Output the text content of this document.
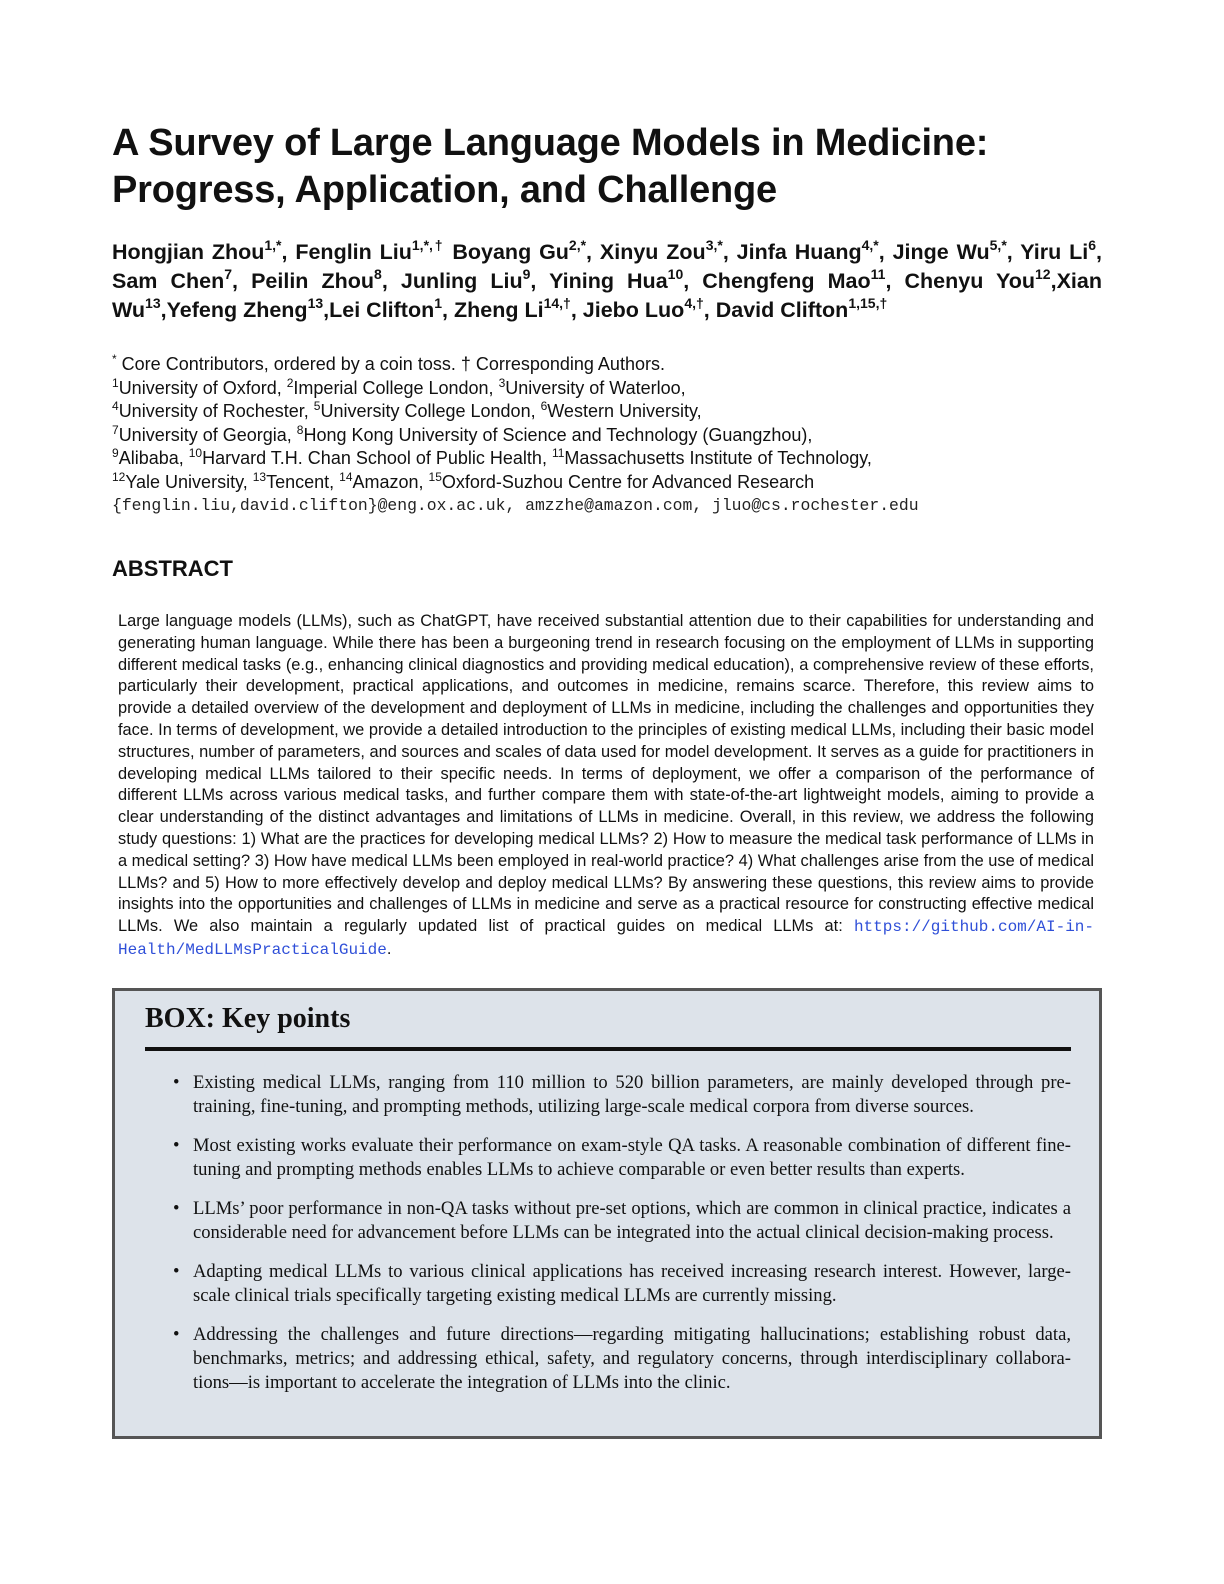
A Survey of Large Language Models in Medicine:
Progress, Application, and Challenge
Hongjian Zhou$^{1,*}$, Fenglin Liu$^{1,*,\dagger}$ Boyang $Gu^{2,*}$, Xinyu Zou$^{3,*}$, Jinfa Huang$^{4,*}$, Jinge $Wu^{5,*}$, Yiru Li$^6$, Sam Chen$^7$, Peilin Zhou$^8$, Junling Liu$^9$, Yining Hua$^{10}$, Chengfeng Mao$^{11}$, Chenyu You$^{12}$,Xian Wu$^{13}$,Yefeng Zheng$^{13}$,Lei Clifton$^1$, Zheng $Li^{14,\dagger}$, Jiebo Luo$^{4,\dagger}$, David Clifton$^{1,15,\dagger}$
* Core Contributors, ordered by a coin toss. † Corresponding Authors.
$^1$University of Oxford, $^2$Imperial College London, $^3$University of Waterloo,
$^4$University of Rochester, $^5$University College London, $^6$Western University,
$^7$University of Georgia, $^8$Hong Kong University of Science and Technology (Guangzhou),
$^9$Alibaba, $^{10}$Harvard T.H. Chan School of Public Health, $^{11}$Massachusetts Institute of Technology,
$^{12}$Yale University, $^{13}$Tencent, $^{14}$Amazon, $^{15}$Oxford-Suzhou Centre for Advanced Research
{fenglin.liu,david.clifton}@eng.ox.ac.uk, amzzhe@amazon.com, jluo@cs.rochester.edu
ABSTRACT

Large language models (LLMs), such as ChatGPT, have received substantial attention due to their capabilities for understanding and generating human language. While there has been a burgeoning trend in research focusing on the employment of LLMs in supporting different medical tasks (e.g., enhancing clinical diagnostics and providing medical education), a comprehensive review of these efforts, particularly their development, practical applications, and outcomes in medicine, remains scarce. Therefore, this review aims to provide a detailed overview of the development and deployment of LLMs in medicine, including the challenges and opportunities they face. In terms of development, we provide a detailed introduction to the principles of existing medical LLMs, including their basic model structures, number of parameters, and sources and scales of data used for model development. It serves as a guide for practitioners in developing medical LLMs tailored to their specific needs. In terms of deployment, we offer a comparison of the performance of different LLMs across various medical tasks, and further compare them with state-of-the-art lightweight models, aiming to provide a clear understanding of the distinct advantages and limitations of LLMs in medicine. Overall, in this review, we address the following study questions: 1) What are the practices for developing medical LLMs? 2) How to measure the medical task performance of LLMs in a medical setting? 3) How have medical LLMs been employed in real-world practice? 4) What challenges arise from the use of medical LLMs? and 5) How to more effectively develop and deploy medical LLMs? By answering these questions, this review aims to provide insights into the opportunities and challenges of LLMs in medicine and serve as a practical resource for constructing effective medical LLMs. We also maintain a regularly updated list of practical guides on medical LLMs at: https://github.com/AI-in-Health/MedLLMsPracticalGuide.

BOX: Key points
• Existing medical LLMs, ranging from 110 million to 520 billion parameters, are mainly developed through pre-training, fine-tuning, and prompting methods, utilizing large-scale medical corpora from diverse sources.
• Most existing works evaluate their performance on exam-style QA tasks. A reasonable combination of different fine-tuning and prompting methods enables LLMs to achieve comparable or even better results than experts.
• LLMs’ poor performance in non-QA tasks without pre-set options, which are common in clinical practice, indicates a considerable need for advancement before LLMs can be integrated into the actual clinical decision-making process.
• Adapting medical LLMs to various clinical applications has received increasing research interest. However, large-scale clinical trials specifically targeting existing medical LLMs are currently missing.
• Addressing the challenges and future directions—regarding mitigating hallucinations; establishing robust data, benchmarks, metrics; and addressing ethical, safety, and regulatory concerns, through interdisciplinary collabora-tions—is important to accelerate the integration of LLMs into the clinic.
